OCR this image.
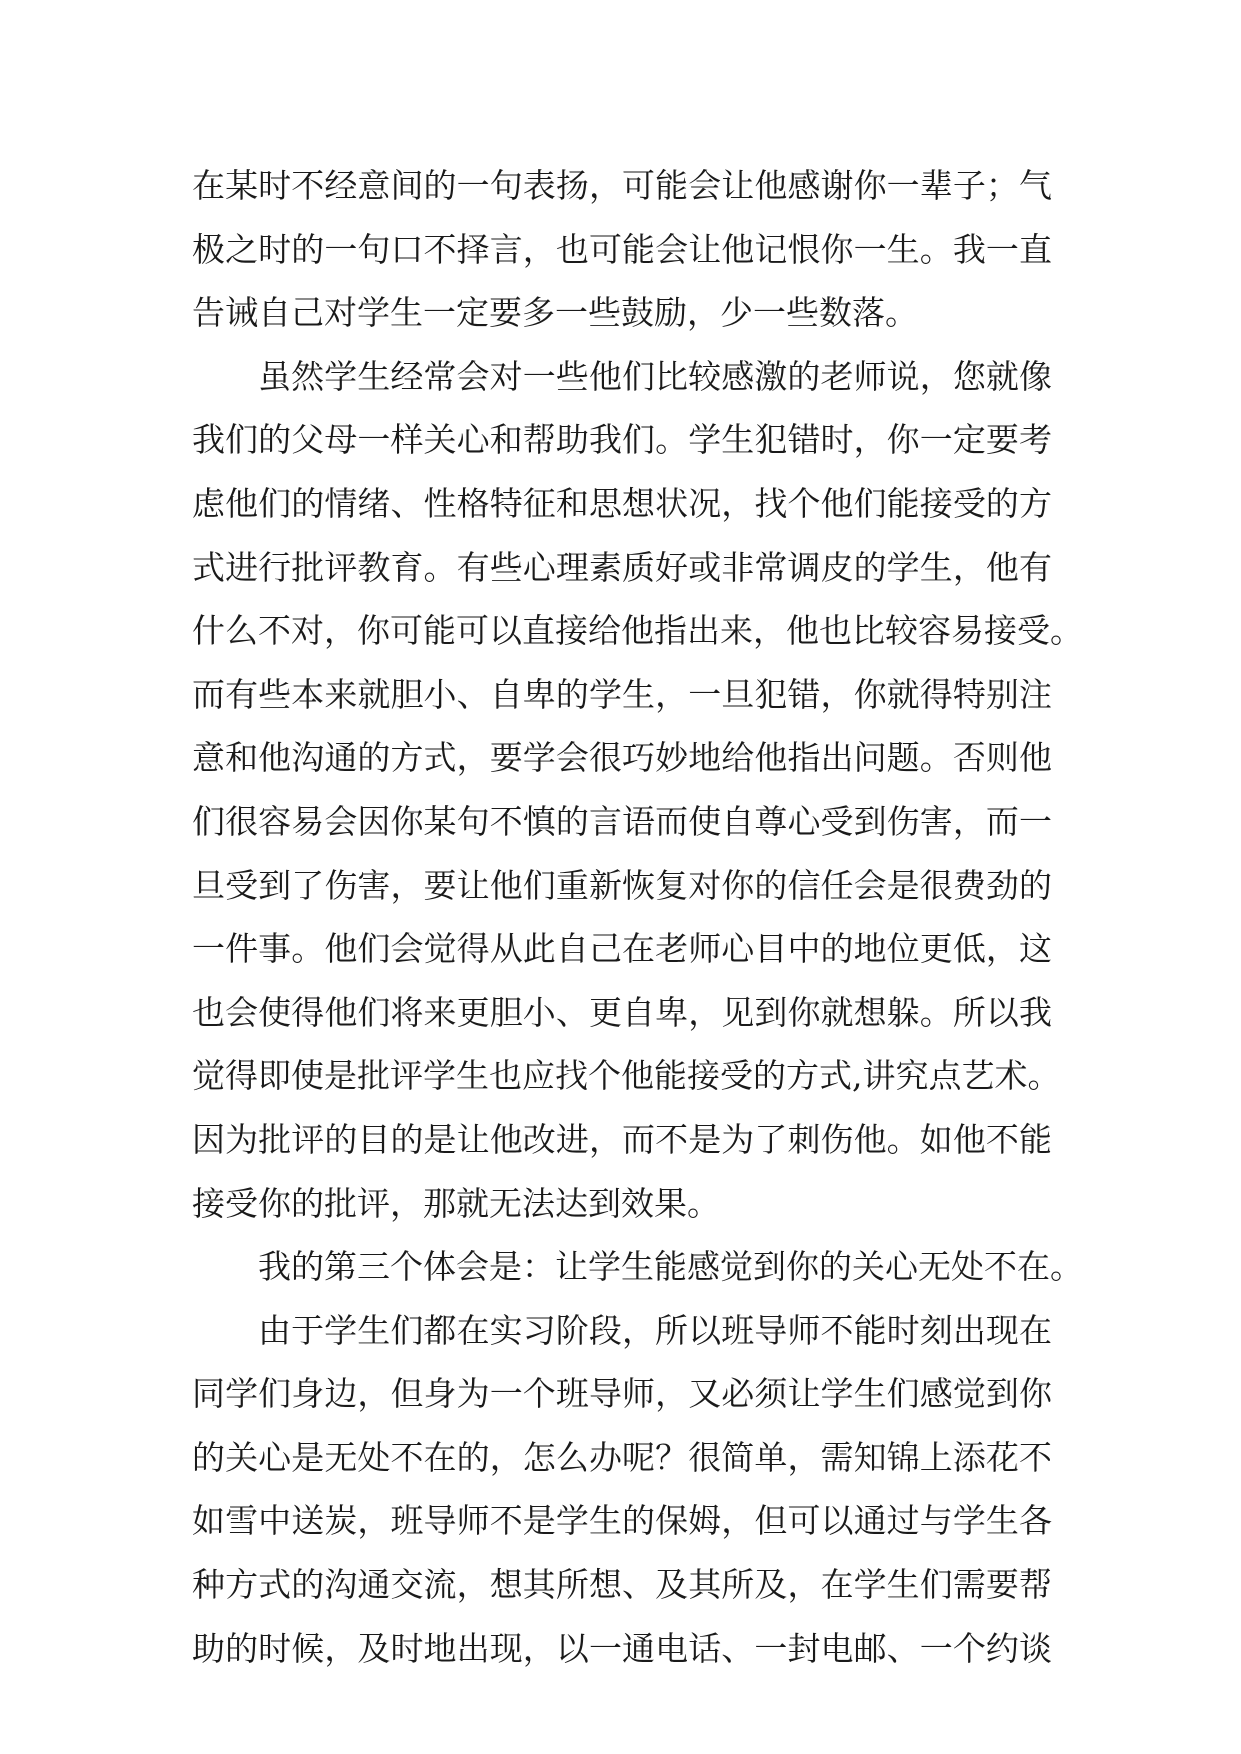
在某时不经意间的一句表扬，可能会让他感谢你一辈子；气
极之时的一句口不择言，也可能会让他记恨你一生。我一直
告诫自己对学生一定要多一些鼓励，少一些数落。
虽然学生经常会对一些他们比较感激的老师说，您就像
我们的父母一样关心和帮助我们。学生犯错时，你一定要考
虑他们的情绪、性格特征和思想状况，找个他们能接受的方
式进行批评教育。有些心理素质好或非常调皮的学生，他有
什么不对，你可能可以直接给他指出来，他也比较容易接受。
而有些本来就胆小、自卑的学生，一旦犯错，你就得特别注
意和他沟通的方式，要学会很巧妙地给他指出问题。否则他
们很容易会因你某句不慎的言语而使自尊心受到伤害，而一
旦受到了伤害，要让他们重新恢复对你的信任会是很费劲的
一件事。他们会觉得从此自己在老师心目中的地位更低，这
也会使得他们将来更胆小、更自卑，见到你就想躲。所以我
觉得即使是批评学生也应找个他能接受的方式,讲究点艺术。
因为批评的目的是让他改进，而不是为了刺伤他。如他不能
接受你的批评，那就无法达到效果。
我的第三个体会是：让学生能感觉到你的关心无处不在。
由于学生们都在实习阶段，所以班导师不能时刻出现在
同学们身边，但身为一个班导师，又必须让学生们感觉到你
的关心是无处不在的，怎么办呢？很简单，需知锦上添花不
如雪中送炭，班导师不是学生的保姆，但可以通过与学生各
种方式的沟通交流，想其所想、及其所及，在学生们需要帮
助的时候，及时地出现，以一通电话、一封电邮、一个约谈
